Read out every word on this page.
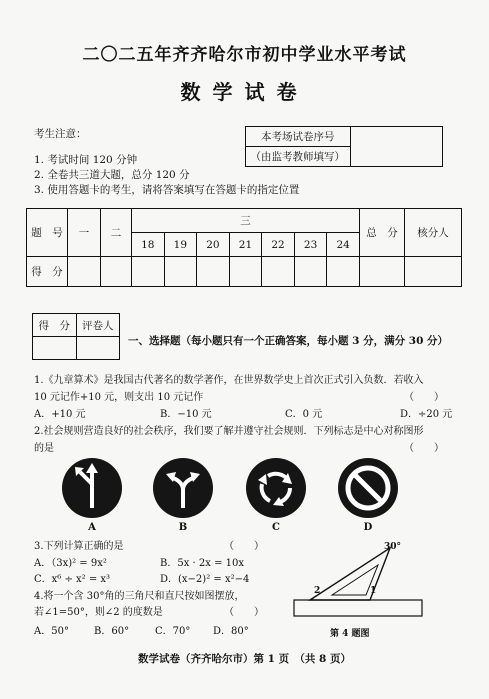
二〇二五年齐齐哈尔市初中学业水平考试
数学试卷
考生注意：
1. 考试时间 120 分钟
2. 全卷共三道大题，总分 120 分
3. 使用答题卡的考生，请将答案填写在答题卡的指定位置
本考场试卷序号	
（由监考教师填写）
题　号	一	二	三							总　分	核分人
			18	19	20	21	22	23	24		
得　分											
得　分	评卷人

一、选择题（每小题只有一个正确答案，每小题 3 分，满分 30 分）
1.《九章算术》是我国古代著名的数学著作，在世界数学史上首次正式引入负数．若收入
10 元记作+10 元，则支出 10 元记作	（　　）
A．+10 元	B．−10 元	C．0 元	D．÷20 元
2.社会规则营造良好的社会秩序，我们要了解并遵守社会规则．下列标志是中心对称图形
的是	（　　）
A	B	C	D
3.下列计算正确的是	（　　）
A．（3x)² = 9x²	B．5x · 2x = 10x
C．x⁶ ÷ x² = x³	D．(x−2)² = x²−4
4.将一个含 30°角的三角尺和直尺按如图摆放，
若∠1=50°，则∠2 的度数是	（　　）
A．50°	B．60°	C．70° D．80°
30°
2	1
第 4 题图
数学试卷（齐齐哈尔市）第 1 页　（共 8 页）
